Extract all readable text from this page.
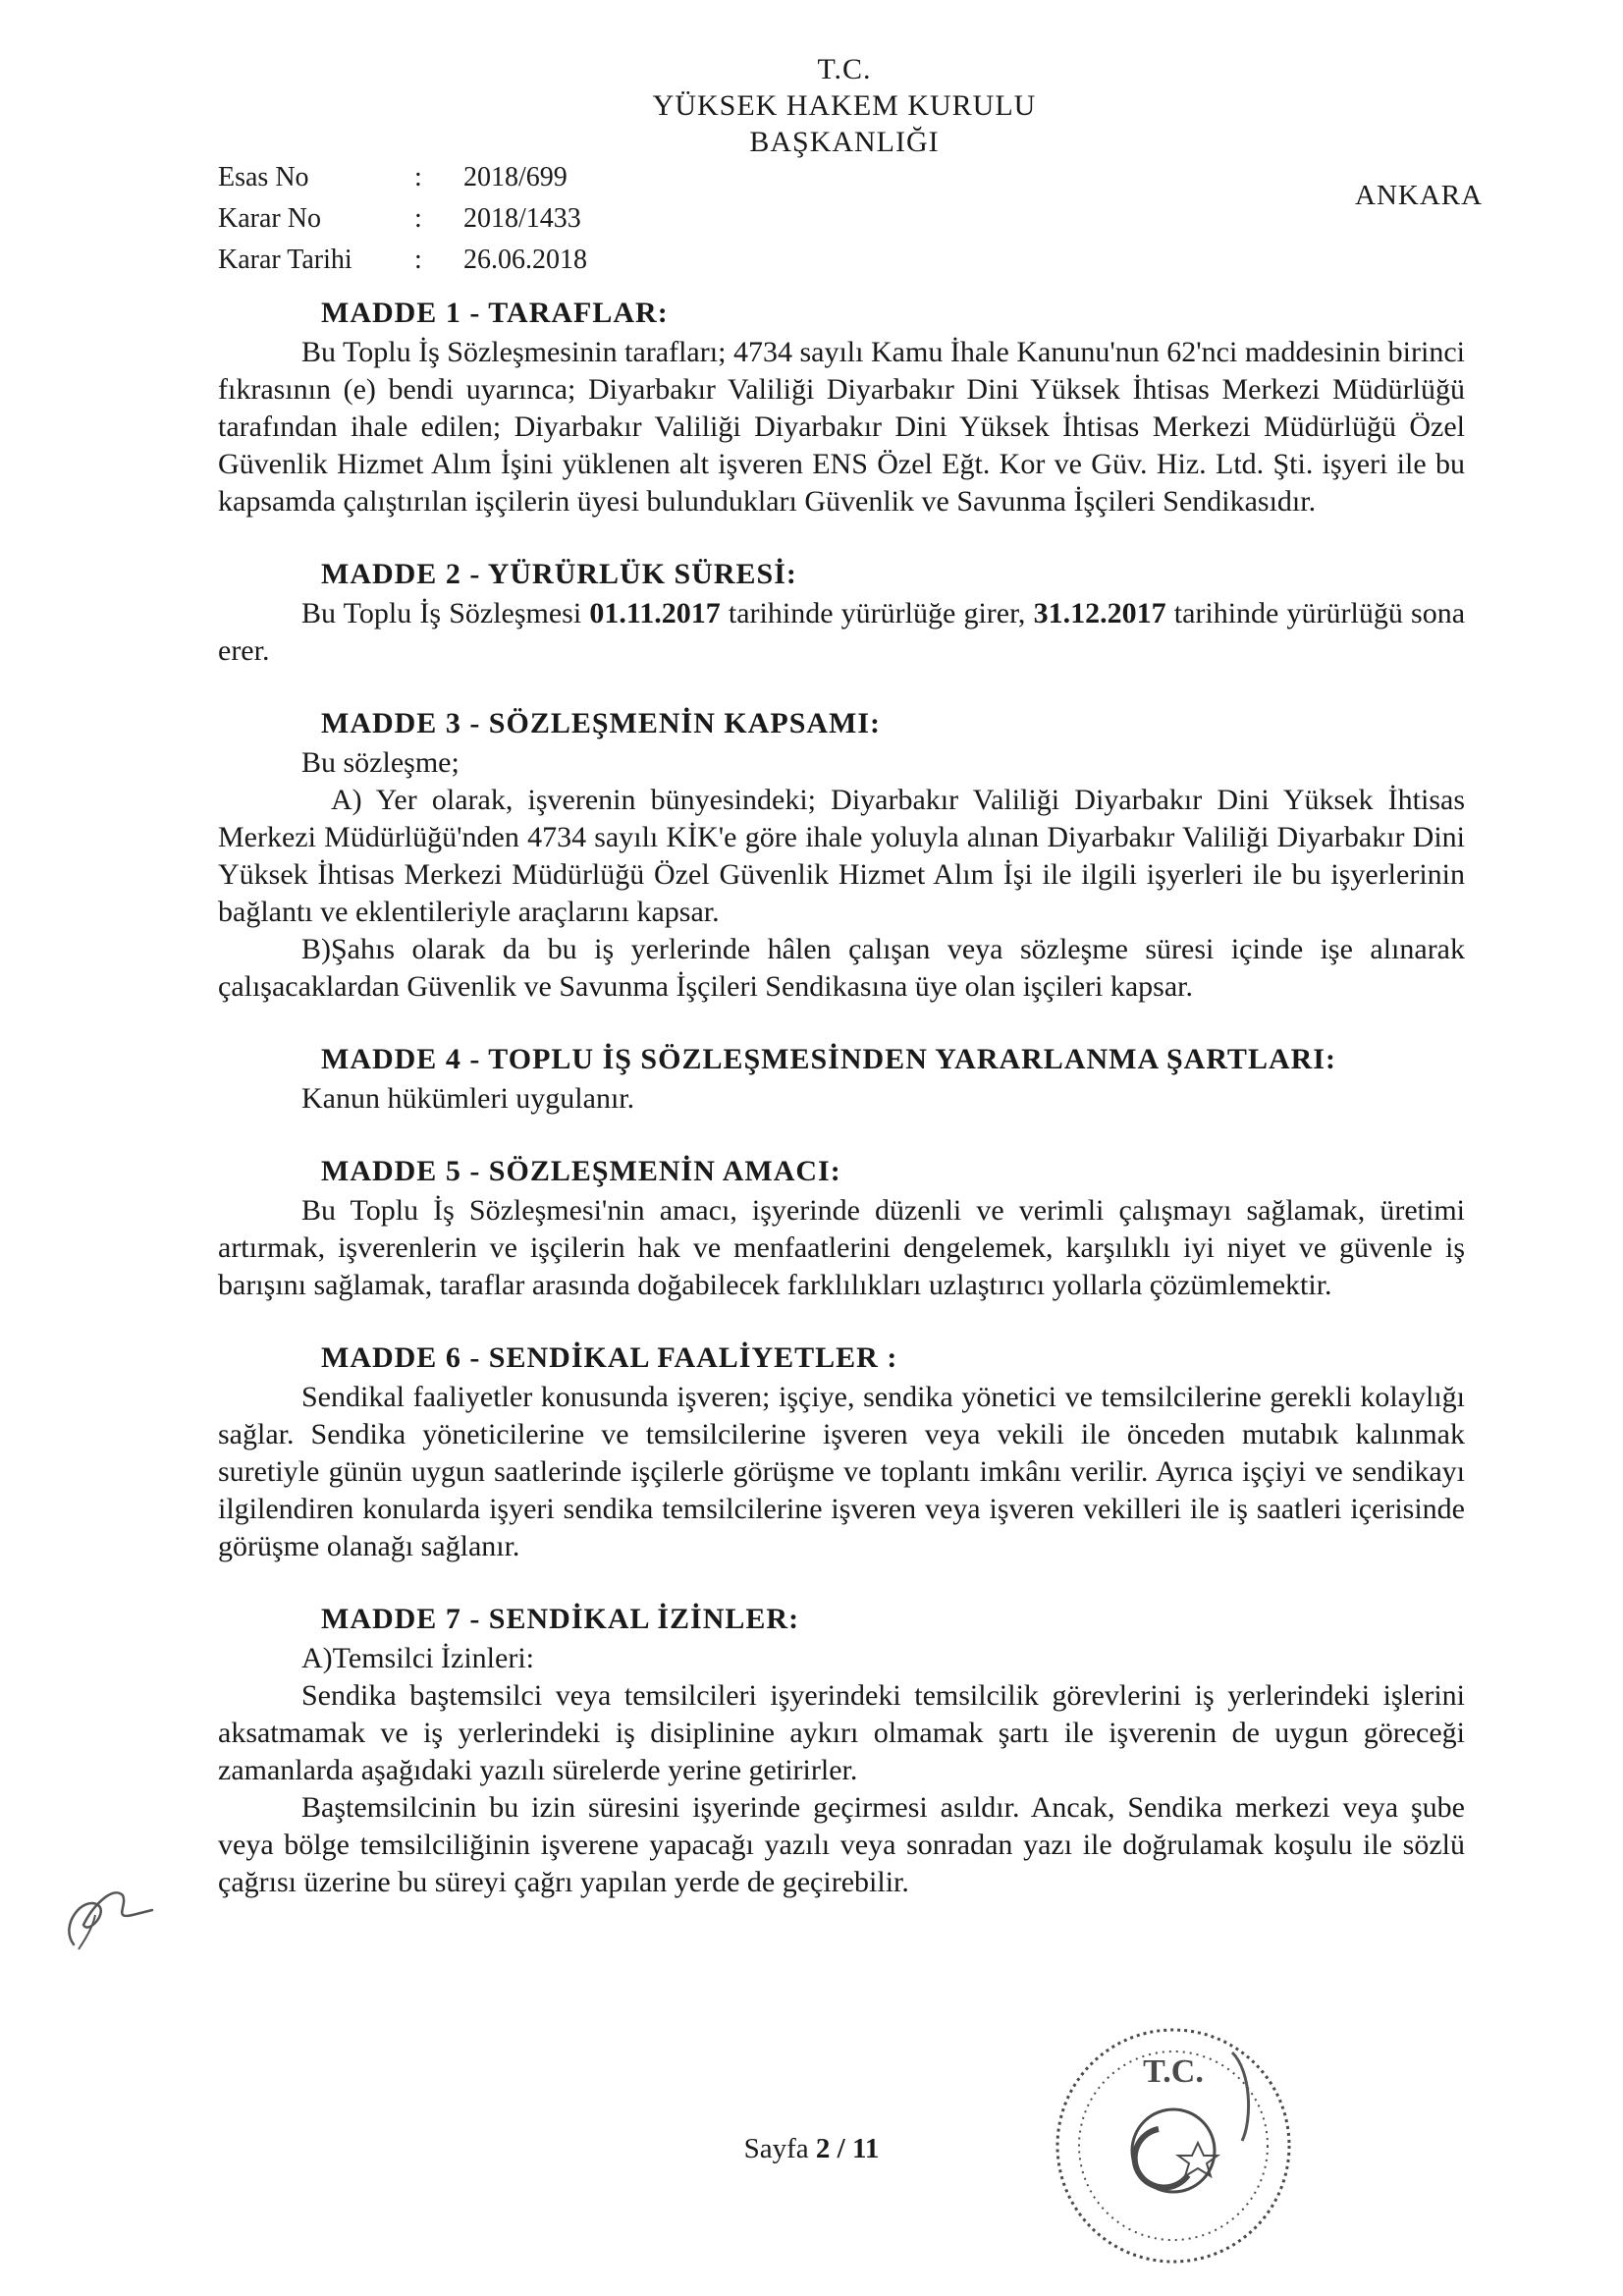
T.C.
YÜKSEK HAKEM KURULU
BAŞKANLIĞI
ANKARA
Esas No	:	2018/699
Karar No	:	2018/1433
Karar Tarihi	:	26.06.2018
MADDE 1 - TARAFLAR:

Bu Toplu İş Sözleşmesinin tarafları; 4734 sayılı Kamu İhale Kanunu'nun 62'nci maddesinin birinci fıkrasının (e) bendi uyarınca; Diyarbakır Valiliği Diyarbakır Dini Yüksek İhtisas Merkezi Müdürlüğü tarafından ihale edilen; Diyarbakır Valiliği Diyarbakır Dini Yüksek İhtisas Merkezi Müdürlüğü Özel Güvenlik Hizmet Alım İşini yüklenen alt işveren ENS Özel Eğt. Kor ve Güv. Hiz. Ltd. Şti. işyeri ile bu kapsamda çalıştırılan işçilerin üyesi bulundukları Güvenlik ve Savunma İşçileri Sendikasıdır.

MADDE 2 - YÜRÜRLÜK SÜRESİ:

Bu Toplu İş Sözleşmesi 01.11.2017 tarihinde yürürlüğe girer, 31.12.2017 tarihinde yürürlüğü sona erer.

MADDE 3 - SÖZLEŞMENİN KAPSAMI:

Bu sözleşme;

A) Yer olarak, işverenin bünyesindeki; Diyarbakır Valiliği Diyarbakır Dini Yüksek İhtisas Merkezi Müdürlüğü'nden 4734 sayılı KİK'e göre ihale yoluyla alınan Diyarbakır Valiliği Diyarbakır Dini Yüksek İhtisas Merkezi Müdürlüğü Özel Güvenlik Hizmet Alım İşi ile ilgili işyerleri ile bu işyerlerinin bağlantı ve eklentileriyle araçlarını kapsar.

B)Şahıs olarak da bu iş yerlerinde hâlen çalışan veya sözleşme süresi içinde işe alınarak çalışacaklardan Güvenlik ve Savunma İşçileri Sendikasına üye olan işçileri kapsar.

MADDE 4 - TOPLU İŞ SÖZLEŞMESİNDEN YARARLANMA ŞARTLARI:

Kanun hükümleri uygulanır.

MADDE 5 - SÖZLEŞMENİN AMACI:

Bu Toplu İş Sözleşmesi'nin amacı, işyerinde düzenli ve verimli çalışmayı sağlamak, üretimi artırmak, işverenlerin ve işçilerin hak ve menfaatlerini dengelemek, karşılıklı iyi niyet ve güvenle iş barışını sağlamak, taraflar arasında doğabilecek farklılıkları uzlaştırıcı yollarla çözümlemektir.

MADDE 6 - SENDİKAL FAALİYETLER :

Sendikal faaliyetler konusunda işveren; işçiye, sendika yönetici ve temsilcilerine gerekli kolaylığı sağlar. Sendika yöneticilerine ve temsilcilerine işveren veya vekili ile önceden mutabık kalınmak suretiyle günün uygun saatlerinde işçilerle görüşme ve toplantı imkânı verilir. Ayrıca işçiyi ve sendikayı ilgilendiren konularda işyeri sendika temsilcilerine işveren veya işveren vekilleri ile iş saatleri içerisinde görüşme olanağı sağlanır.

MADDE 7 - SENDİKAL İZİNLER:

A)Temsilci İzinleri:

Sendika baştemsilci veya temsilcileri işyerindeki temsilcilik görevlerini iş yerlerindeki işlerini aksatmamak ve iş yerlerindeki iş disiplinine aykırı olmamak şartı ile işverenin de uygun göreceği zamanlarda aşağıdaki yazılı sürelerde yerine getirirler.

Baştemsilcinin bu izin süresini işyerinde geçirmesi asıldır. Ancak, Sendika merkezi veya şube veya bölge temsilciliğinin işverene yapacağı yazılı veya sonradan yazı ile doğrulamak koşulu ile sözlü çağrısı üzerine bu süreyi çağrı yapılan yerde de geçirebilir.

T.C.
Sayfa 2 / 11
